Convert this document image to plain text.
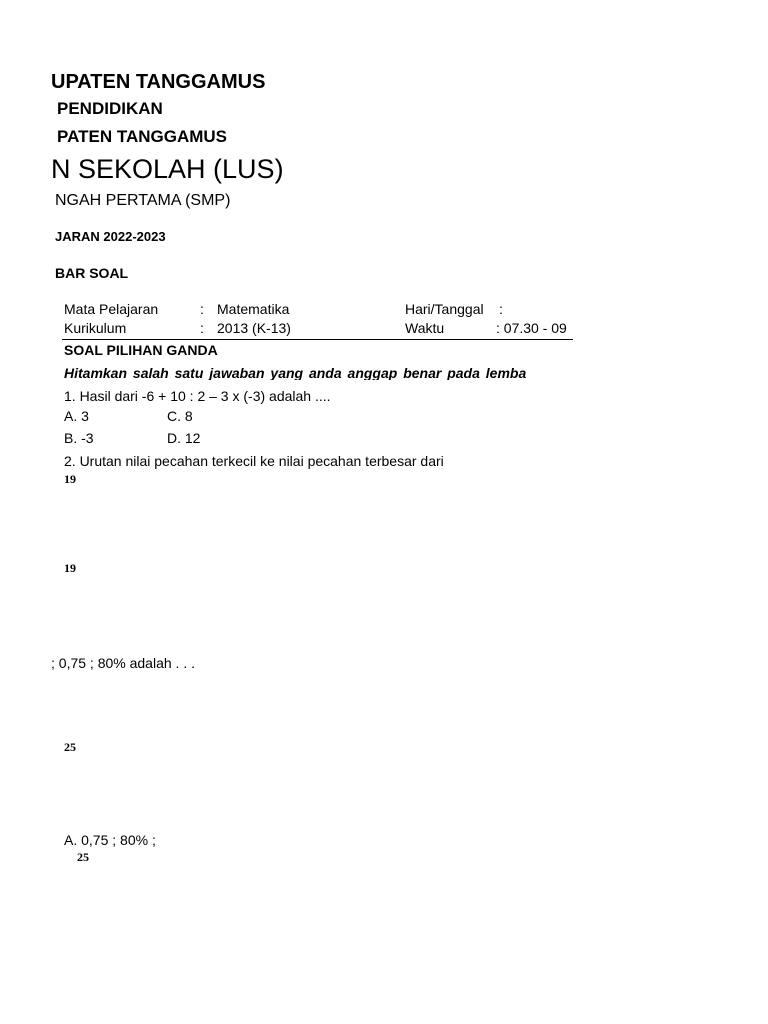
UPATEN TANGGAMUS
PENDIDIKAN
PATEN TANGGAMUS
N SEKOLAH (LUS)
NGAH PERTAMA (SMP)
JARAN 2022-2023
BAR SOAL
Mata Pelajaran	: Matematika	Hari/Tanggal :
Kurikulum	: 2013 (K-13)	Waktu	: 07.30 - 09
SOAL PILIHAN GANDA
Hitamkan salah satu jawaban yang anda anggap benar pada lemba
1. Hasil dari -6 + 10 : 2 – 3 x (-3) adalah ....
A. 3	C. 8
B. -3	D. 12
2. Urutan nilai pecahan terkecil ke nilai pecahan terbesar dari
19
19
; 0,75 ; 80% adalah . . .
25
A. 0,75 ; 80% ;
25
